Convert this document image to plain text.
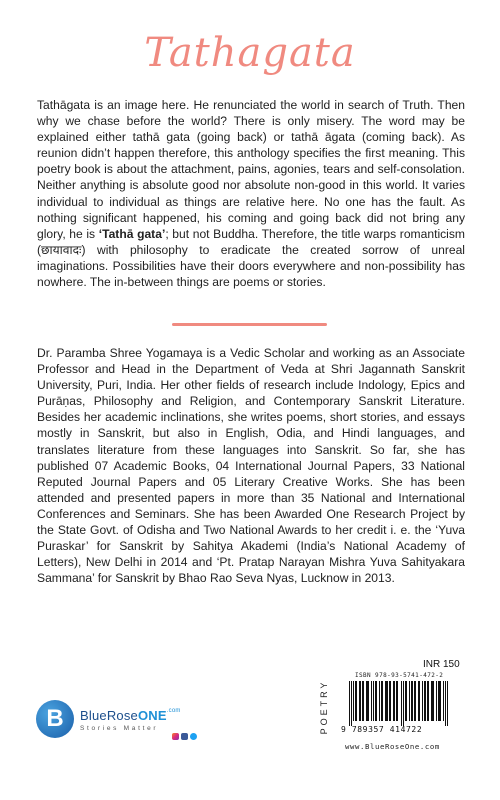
Tathagata
Tathāgata is an image here. He renunciated the world in search of Truth. Then why we chase before the world? There is only misery. The word may be explained either tathā gata (going back) or tathā āgata (coming back). As reunion didn’t happen therefore, this anthology specifies the first meaning. This poetry book is about the attachment, pains, agonies, tears and self-consolation. Neither anything is absolute good nor absolute non-good in this world. It varies individual to individual as things are relative here. No one has the fault. As nothing significant happened, his coming and going back did not bring any glory, he is ‘Tathā gata’; but not Buddha. Therefore, the title warps romanticism (छायावादः) with philosophy to eradicate the created sorrow of unreal imaginations. Possibilities have their doors everywhere and non-possibility has nowhere. The in-between things are poems or stories.
Dr. Paramba Shree Yogamaya is a Vedic Scholar and working as an Associate Professor and Head in the Department of Veda at Shri Jagannath Sanskrit University, Puri, India. Her other fields of research include Indology, Epics and Purāṇas, Philosophy and Religion, and Contemporary Sanskrit Literature. Besides her academic inclinations, she writes poems, short stories, and essays mostly in Sanskrit, but also in English, Odia, and Hindi languages, and translates literature from these languages into Sanskrit. So far, she has published 07 Academic Books, 04 International Journal Papers, 33 National Reputed Journal Papers and 05 Literary Creative Works. She has been attended and presented papers in more than 35 National and International Conferences and Seminars. She has been Awarded One Research Project by the State Govt. of Odisha and Two National Awards to her credit i. e. the ‘Yuva Puraskar’ for Sanskrit by Sahitya Akademi (India’s National Academy of Letters), New Delhi in 2014 and ‘Pt. Pratap Narayan Mishra Yuva Sahityakara Sammana’ for Sanskrit by Bhao Rao Seva Nyas, Lucknow in 2013.
INR 150
POETRY
ISBN 978-93-5741-472-2
9 789357 414722
www.BlueRoseOne.com
B	BlueRoseONE$^{.com}$
Stories Matter
